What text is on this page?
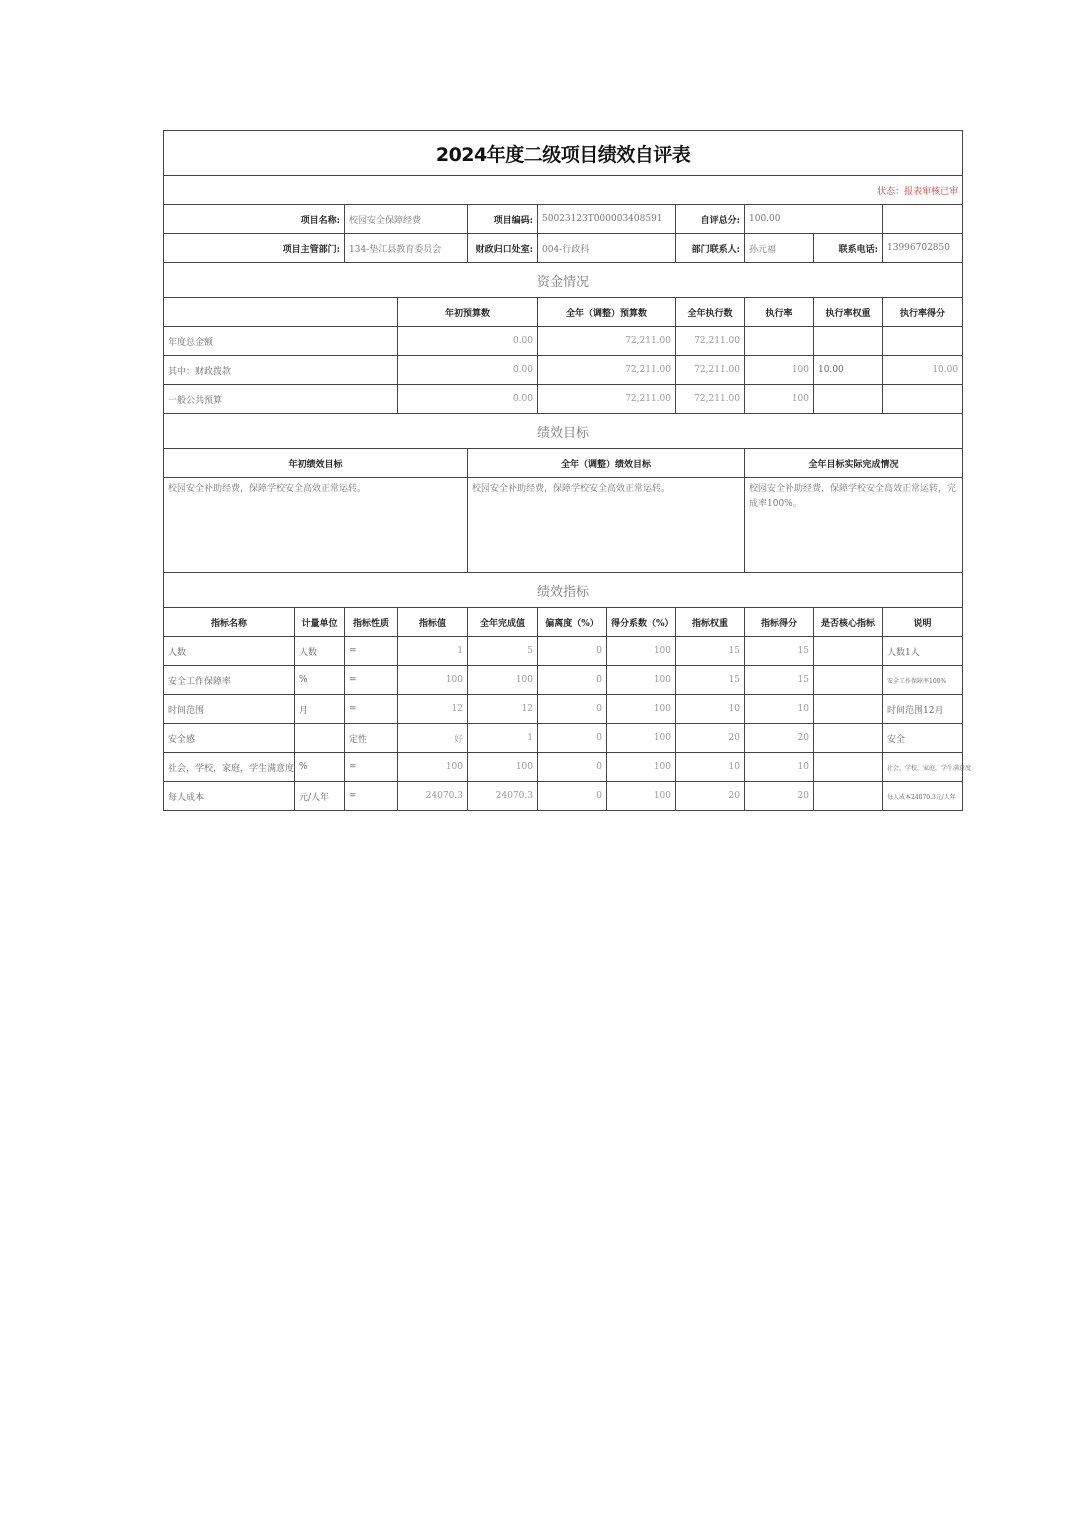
2024年度二级项目绩效自评表										
状态：报表审核已审										
项目名称:		校园安全保障经费		项目编码:	50023123T000003408591		自评总分:	100.00		
项目主管部门:		134-垫江县教育委员会		财政归口处室:	004-行政科		部门联系人:	孙元福	联系电话:	13996702850
资金情况										
			年初预算数		全年（调整）预算数		全年执行数	执行率	执行率权重	执行率得分
年度总金额			0.00		72,211.00		72,211.00			
其中：财政拨款			0.00		72,211.00		72,211.00	100	10.00	10.00
一般公共预算			0.00		72,211.00		72,211.00	100		
绩效目标										
年初绩效目标				全年（调整）绩效目标				全年目标实际完成情况		
校园安全补助经费，保障学校安全高效正常运转。				校园安全补助经费，保障学校安全高效正常运转。				校园安全补助经费，保障学校安全高效正常运转，完成率100%。		
绩效指标										
指标名称	计量单位	指标性质	指标值	全年完成值	偏离度（%）	得分系数（%）	指标权重	指标得分	是否核心指标	说明
人数	人数	=	1	5	0	100	15	15		人数1人
安全工作保障率	%	=	100	100	0	100	15	15		安全工作保障率100%
时间范围	月	=	12	12	0	100	10	10		时间范围12月
安全感		定性	好	1	0	100	20	20		安全
社会，学校，家庭，学生满意度	%	=	100	100	0	100	10	10		社会，学校，家庭，学生满意度
每人成本	元/人年	=	24070.3	24070.3	0	100	20	20		每人成本24070.3元/人年
